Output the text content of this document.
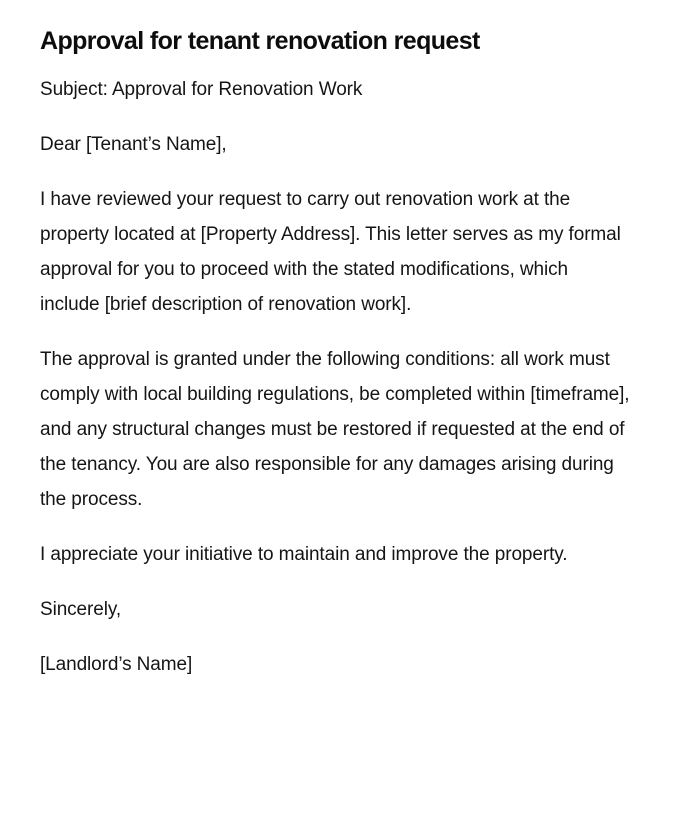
Approval for tenant renovation request

Subject: Approval for Renovation Work

Dear [Tenant’s Name],

I have reviewed your request to carry out renovation work at the property located at [Property Address]. This letter serves as my formal approval for you to proceed with the stated modifications, which include [brief description of renovation work].

The approval is granted under the following conditions: all work must comply with local building regulations, be completed within [timeframe], and any structural changes must be restored if requested at the end of the tenancy. You are also responsible for any damages arising during the process.

I appreciate your initiative to maintain and improve the property.

Sincerely,

[Landlord’s Name]
